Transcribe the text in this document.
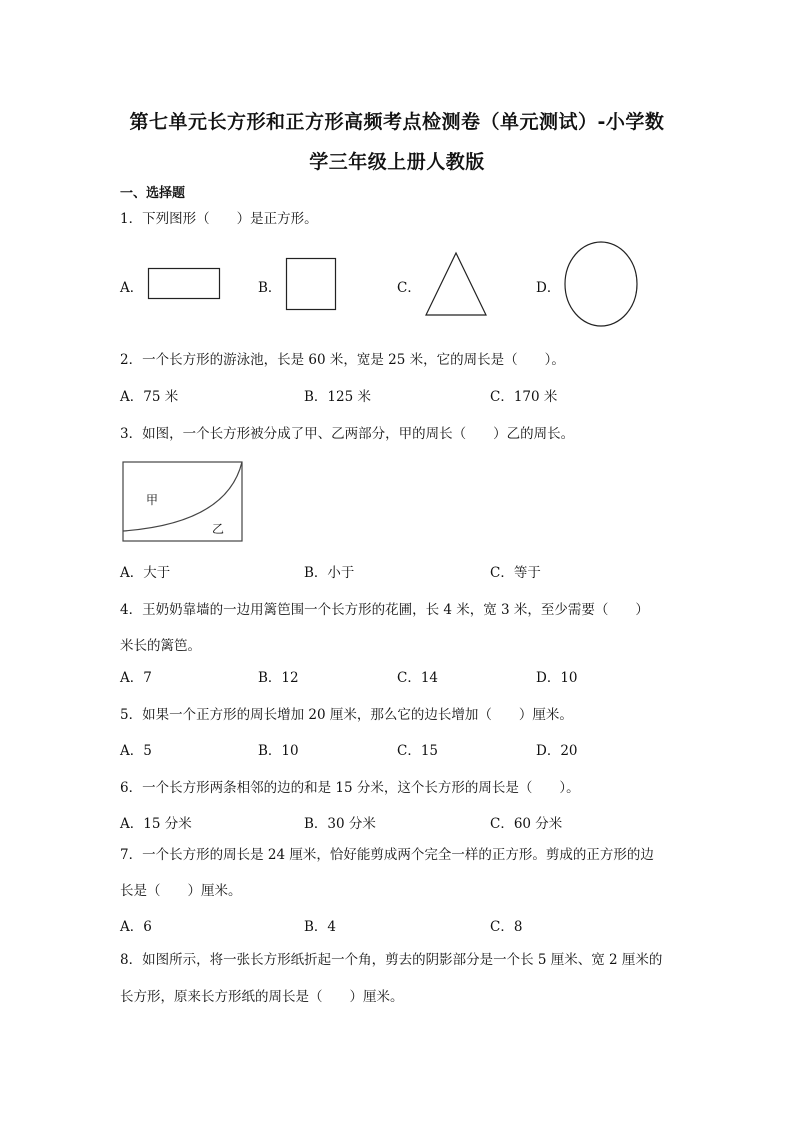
第七单元长方形和正方形高频考点检测卷（单元测试）-小学数
学三年级上册人教版
一、选择题
1．下列图形（　　）是正方形。
A．	B．	C．	D．
2．一个长方形的游泳池，长是 60 米，宽是 25 米，它的周长是（　　）。
A．75 米	B．125 米	C．170 米
3．如图，一个长方形被分成了甲、乙两部分，甲的周长（　　）乙的周长。
甲
乙
A．大于	B．小于	C．等于
4．王奶奶靠墙的一边用篱笆围一个长方形的花圃，长 4 米，宽 3 米，至少需要（　　）
米长的篱笆。
A．7	B．12	C．14	D．10
5．如果一个正方形的周长增加 20 厘米，那么它的边长增加（　　）厘米。
A．5	B．10	C．15	D．20
6．一个长方形两条相邻的边的和是 15 分米，这个长方形的周长是（　　）。
A．15 分米	B．30 分米	C．60 分米
7．一个长方形的周长是 24 厘米，恰好能剪成两个完全一样的正方形。剪成的正方形的边
长是（　　）厘米。
A．6	B．4	C．8
8．如图所示，将一张长方形纸折起一个角，剪去的阴影部分是一个长 5 厘米、宽 2 厘米的
长方形，原来长方形纸的周长是（　　）厘米。
